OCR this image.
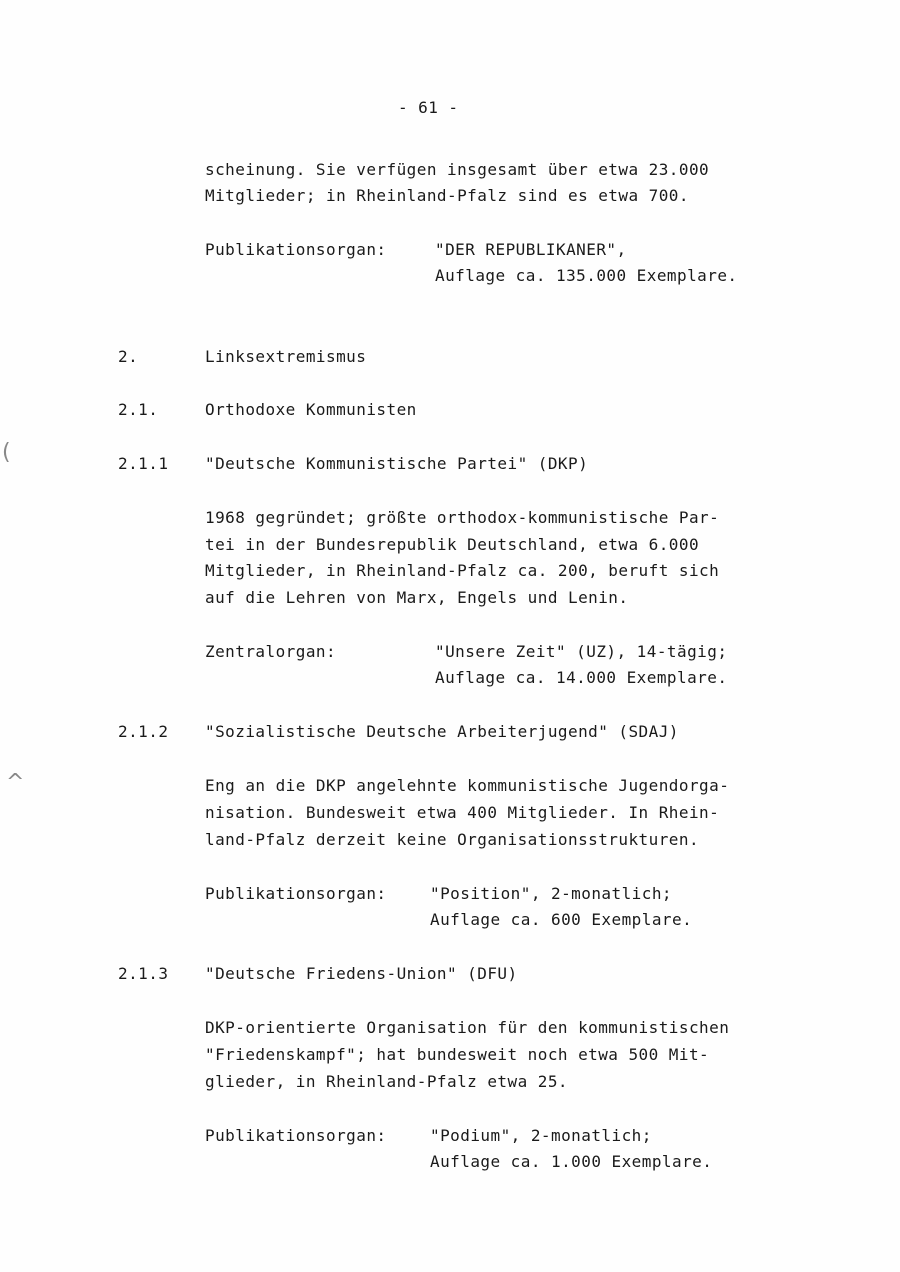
(
^
- 61 -
scheinung. Sie verfügen insgesamt über etwa 23.000
Mitglieder; in Rheinland-Pfalz sind es etwa 700.
Publikationsorgan:	"DER REPUBLIKANER",
Auflage ca. 135.000 Exemplare.
2.	Linksextremismus
2.1.	Orthodoxe Kommunisten
2.1.1 "Deutsche Kommunistische Partei" (DKP)
1968 gegründet; größte orthodox-kommunistische Par-
tei in der Bundesrepublik Deutschland, etwa 6.000
Mitglieder, in Rheinland-Pfalz ca. 200, beruft sich
auf die Lehren von Marx, Engels und Lenin.
Zentralorgan:	"Unsere Zeit" (UZ), 14-tägig;
Auflage ca. 14.000 Exemplare.
2.1.2 "Sozialistische Deutsche Arbeiterjugend" (SDAJ)
Eng an die DKP angelehnte kommunistische Jugendorga-
nisation. Bundesweit etwa 400 Mitglieder. In Rhein-
land-Pfalz derzeit keine Organisationsstrukturen.
Publikationsorgan:	"Position", 2-monatlich;
Auflage ca. 600 Exemplare.
2.1.3 "Deutsche Friedens-Union" (DFU)
DKP-orientierte Organisation für den kommunistischen
"Friedenskampf"; hat bundesweit noch etwa 500 Mit-
glieder, in Rheinland-Pfalz etwa 25.
Publikationsorgan:	"Podium", 2-monatlich;
Auflage ca. 1.000 Exemplare.
